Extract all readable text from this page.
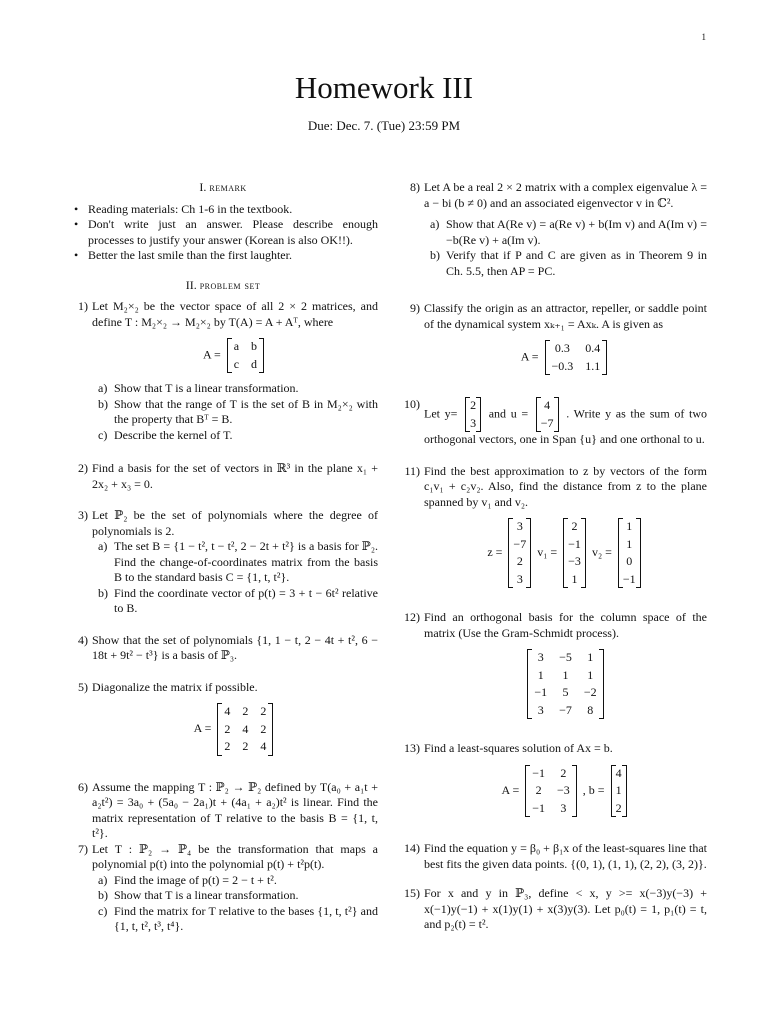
1
Homework III
Due: Dec. 7. (Tue) 23:59 PM
I. remark
• Reading materials: Ch 1-6 in the textbook.
• Don't write just an answer. Please describe enough processes to justify your answer (Korean is also OK!!).
• Better the last smile than the first laughter.
II. problem set
1) Let M₂×₂ be the vector space of all 2 × 2 matrices, and define T : M₂×₂ → M₂×₂ by T(A) = A + Aᵀ, where
A = a	b
c	d

a) Show that T is a linear transformation.
b) Show that the range of T is the set of B in M₂×₂ with the property that Bᵀ = B.
c) Describe the kernel of T.
2) Find a basis for the set of vectors in ℝ³ in the plane x₁ + 2x₂ + x₃ = 0.
3) Let ℙ₂ be the set of polynomials where the degree of polynomials is 2.
a) The set B = {1 − t², t − t², 2 − 2t + t²} is a basis for ℙ₂. Find the change-of-coordinates matrix from the basis B to the standard basis C = {1, t, t²}.
b) Find the coordinate vector of p(t) = 3 + t − 6t² relative to B.
4) Show that the set of polynomials {1, 1 − t, 2 − 4t + t², 6 − 18t + 9t² − t³} is a basis of ℙ₃.
5) Diagonalize the matrix if possible.
A = 4	2	2
2	4	2
2	2	4

6) Assume the mapping T : ℙ₂ → ℙ₂ defined by T(a₀ + a₁t + a₂t²) = 3a₀ + (5a₀ − 2a₁)t + (4a₁ + a₂)t² is linear. Find the matrix representation of T relative to the basis B = {1, t, t²}.
7) Let T : ℙ₂ → ℙ₄ be the transformation that maps a polynomial p(t) into the polynomial p(t) + t²p(t).
a) Find the image of p(t) = 2 − t + t².
b) Show that T is a linear transformation.
c) Find the matrix for T relative to the bases {1, t, t²} and {1, t, t², t³, t⁴}.
8) Let A be a real 2 × 2 matrix with a complex eigenvalue λ = a − bi (b ≠ 0) and an associated eigenvector v in ℂ².
a) Show that A(Re v) = a(Re v) + b(Im v) and A(Im v) = −b(Re v) + a(Im v).
b) Verify that if P and C are given as in Theorem 9 in Ch. 5.5, then AP = PC.
9) Classify the origin as an attractor, repeller, or saddle point of the dynamical system xₖ₊₁ = Axₖ. A is given as
A = 0.3	0.4
−0.3	1.1

10)
Let y= 2
3
and u = 4
−7
. Write y as the sum of two orthogonal vectors, one in Span {u} and one orthonal to u.
11) Find the best approximation to z by vectors of the form c₁v₁ + c₂v₂. Also, find the distance from z to the plane spanned by v₁ and v₂.
z = 3
−7
2
3
v₁ = 2
−1
−3
1
v₂ = 1
1
0
−1

12) Find an orthogonal basis for the column space of the matrix (Use the Gram-Schmidt process).
3	−5	1
1	1	1
−1	5	−2
3	−7	8

13) Find a least-squares solution of Ax = b.
A = −1	2
2	−3
−1	3
, b = 4
1
2

14) Find the equation y = β₀ + β₁x of the least-squares line that best fits the given data points. {(0, 1), (1, 1), (2, 2), (3, 2)}.
15) For x and y in ℙ₃, define < x, y >= x(−3)y(−3) + x(−1)y(−1) + x(1)y(1) + x(3)y(3). Let p₀(t) = 1, p₁(t) = t, and p₂(t) = t².
